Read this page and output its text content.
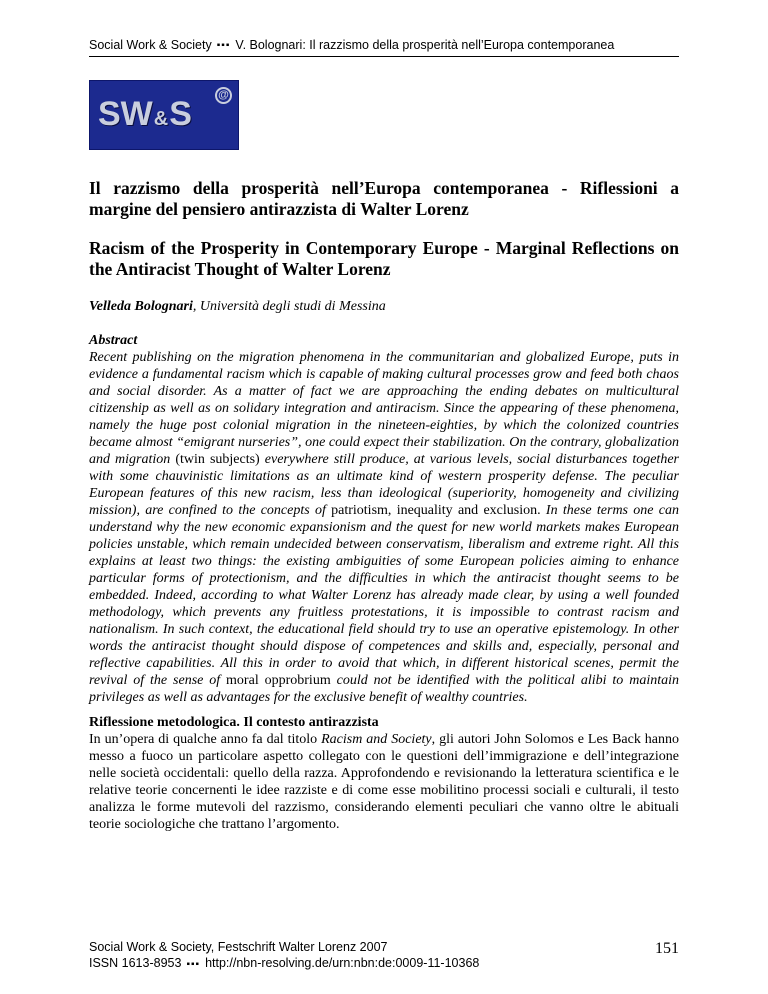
Social Work & Society ▪▪▪ V. Bolognari: Il razzismo della prosperità nell’Europa contemporanea
SW&S @
Il razzismo della prosperità nell’Europa contemporanea - Riflessioni a margine del pensiero antirazzista di Walter Lorenz
Racism of the Prosperity in Contemporary Europe - Marginal Reflections on the Antiracist Thought of Walter Lorenz
Velleda Bolognari, Università degli studi di Messina
Abstract

Recent publishing on the migration phenomena in the communitarian and globalized Europe, puts in evidence a fundamental racism which is capable of making cultural processes grow and feed both chaos and social disorder. As a matter of fact we are approaching the ending debates on multicultural citizenship as well as on solidary integration and antiracism. Since the appearing of these phenomena, namely the huge post colonial migration in the nineteen-eighties, by which the colonized countries became almost “emigrant nurseries”, one could expect their stabilization. On the contrary, globalization and migration (twin subjects) everywhere still produce, at various levels, social disturbances together with some chauvinistic limitations as an ultimate kind of western prosperity defense. The peculiar European features of this new racism, less than ideological (superiority, homogeneity and civilizing mission), are confined to the concepts of patriotism, inequality and exclusion. In these terms one can understand why the new economic expansionism and the quest for new world markets makes European policies unstable, which remain undecided between conservatism, liberalism and extreme right. All this explains at least two things: the existing ambiguities of some European policies aiming to enhance particular forms of protectionism, and the difficulties in which the antiracist thought seems to be embedded. Indeed, according to what Walter Lorenz has already made clear, by using a well founded methodology, which prevents any fruitless protestations, it is impossible to contrast racism and nationalism. In such context, the educational field should try to use an operative epistemology. In other words the antiracist thought should dispose of competences and skills and, especially, personal and reflective capabilities. All this in order to avoid that which, in different historical scenes, permit the revival of the sense of moral opprobrium could not be identified with the political alibi to maintain privileges as well as advantages for the exclusive benefit of wealthy countries.

Riflessione metodologica. Il contesto antirazzista

In un’opera di qualche anno fa dal titolo Racism and Society, gli autori John Solomos e Les Back hanno messo a fuoco un particolare aspetto collegato con le questioni dell’immigrazione e dell’integrazione nelle società occidentali: quello della razza. Approfondendo e revisionando la letteratura scientifica e le relative teorie concernenti le idee razziste e di come esse mobilitino processi sociali e culturali, il testo analizza le forme mutevoli del razzismo, considerando elementi peculiari che vanno oltre le abituali teorie sociologiche che trattano l’argomento.

Social Work & Society, Festschrift Walter Lorenz 2007
ISSN 1613-8953 ▪▪▪ http://nbn-resolving.de/urn:nbn:de:0009-11-10368
151
